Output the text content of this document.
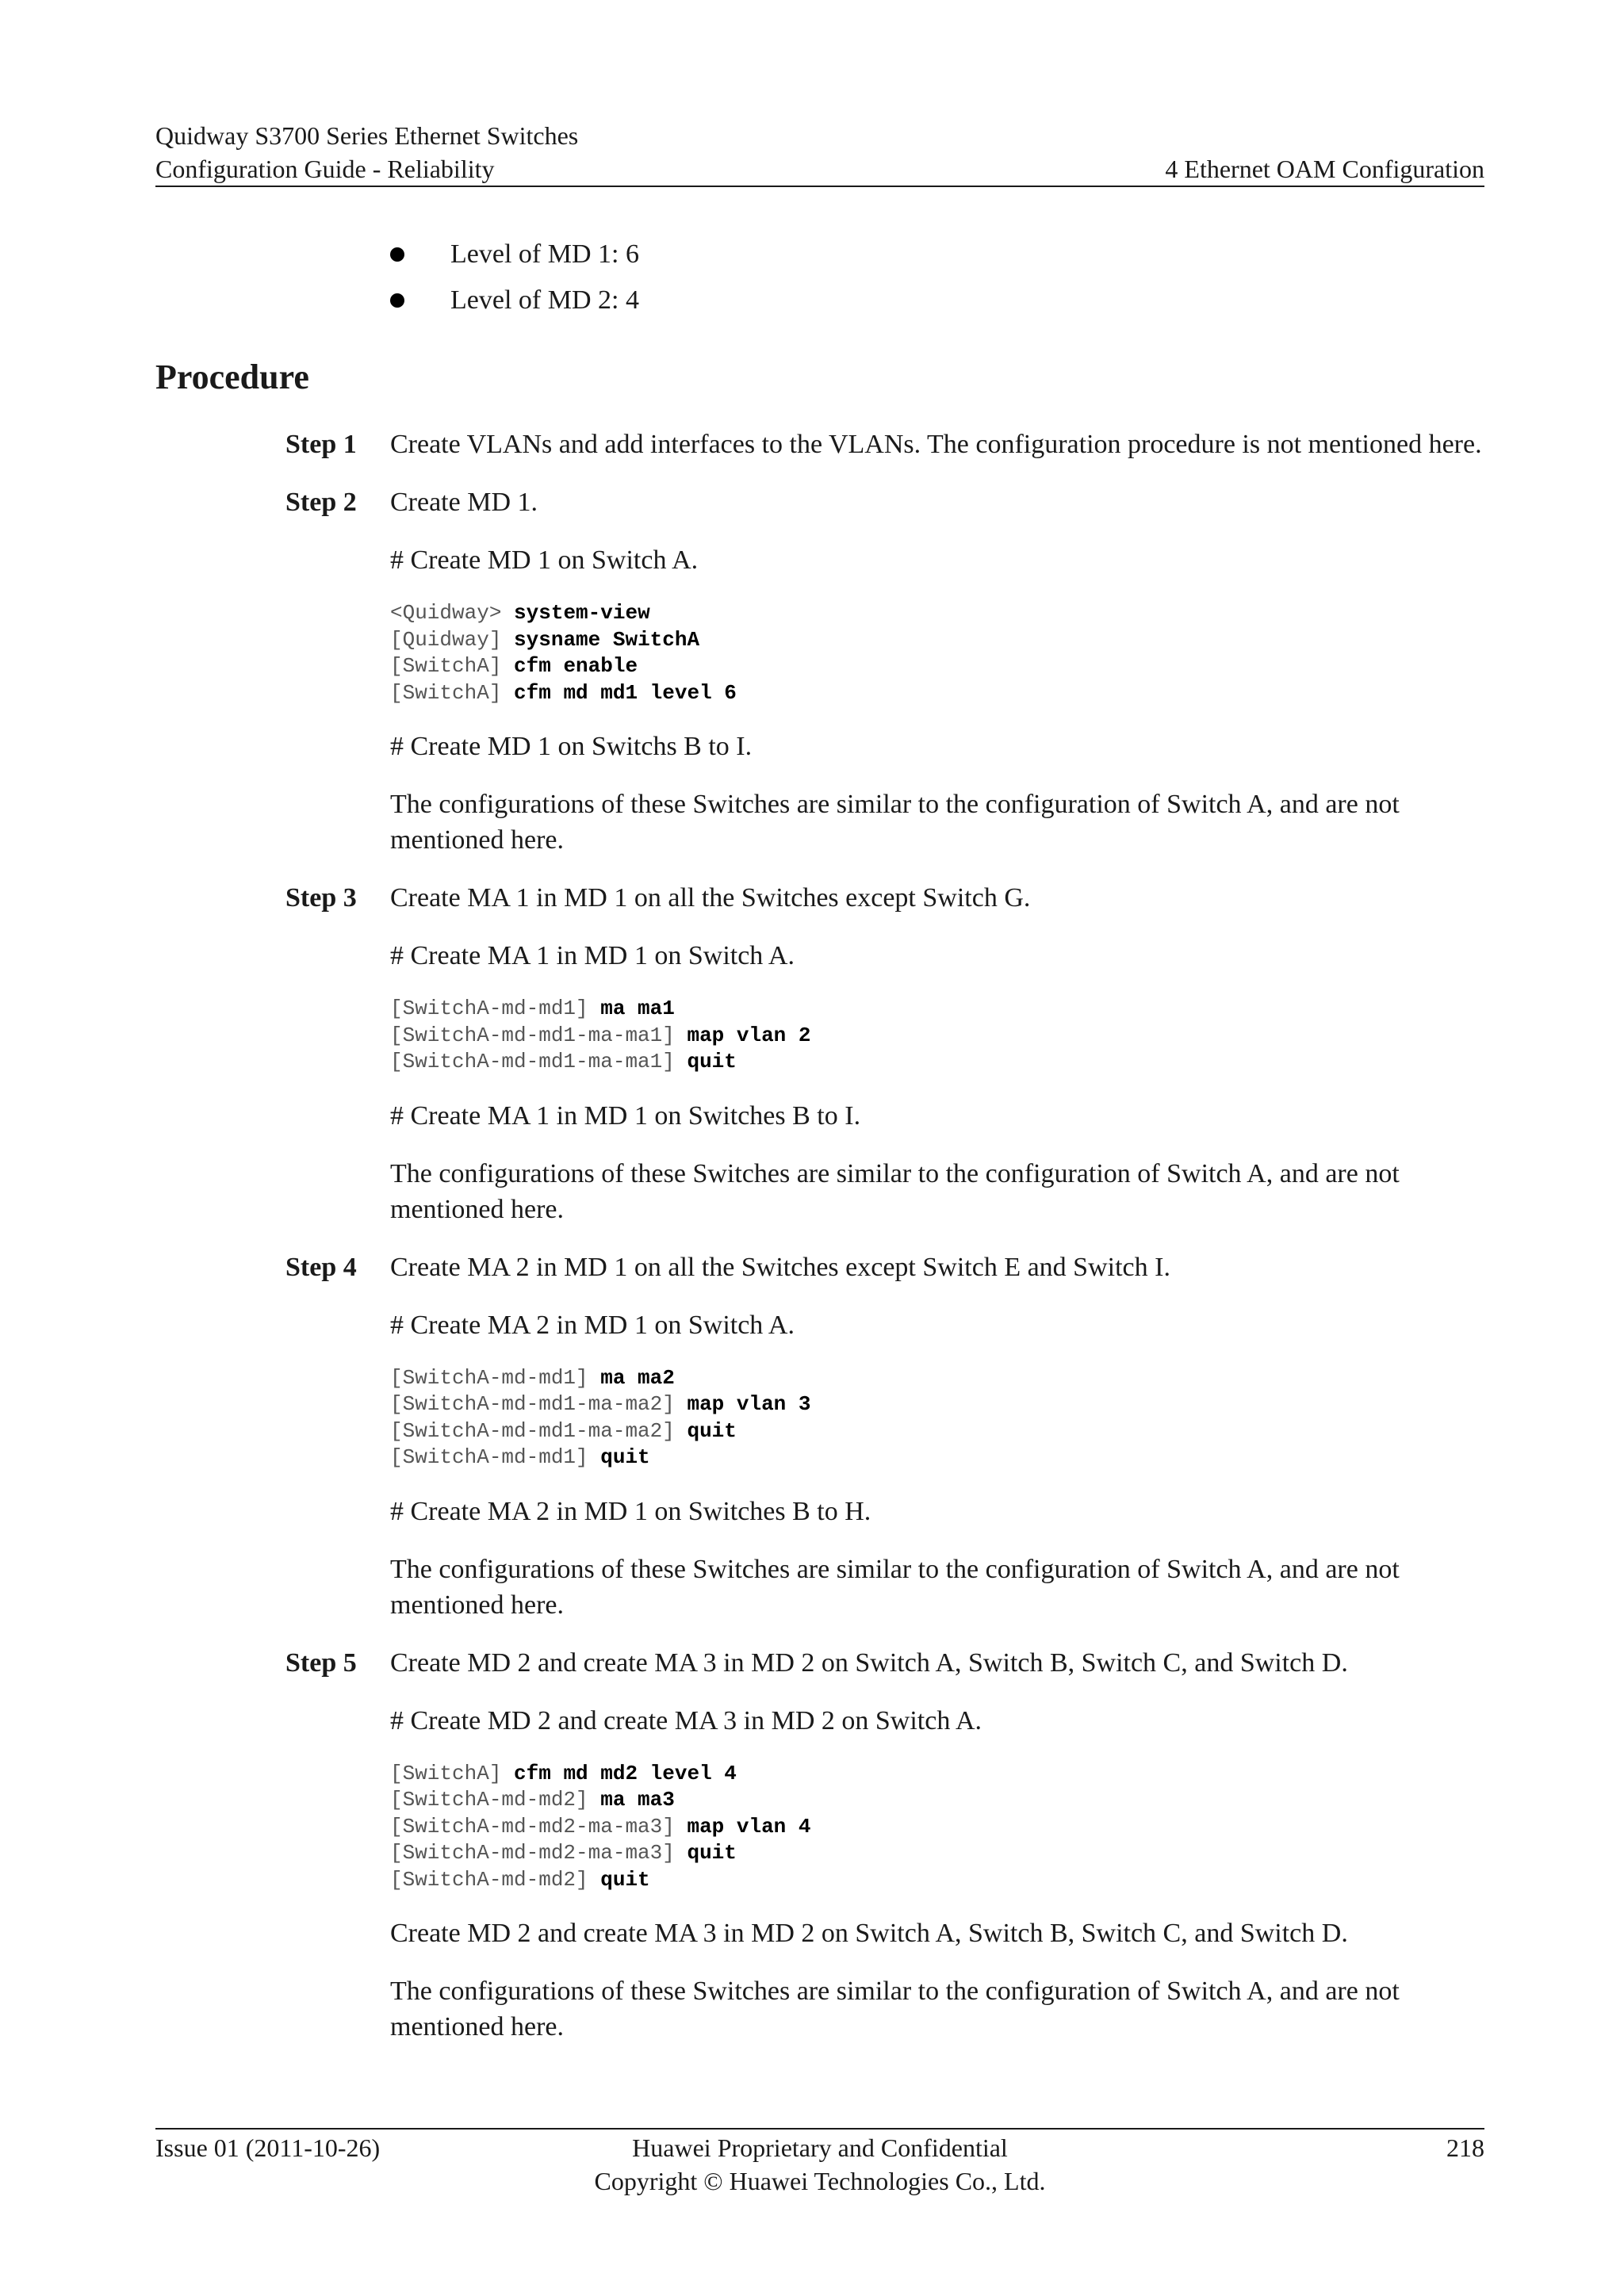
Quidway S3700 Series Ethernet Switches
Configuration Guide - Reliability	4 Ethernet OAM Configuration
Level of MD 1: 6
Level of MD 2: 4
Procedure
Step 1	Create VLANs and add interfaces to the VLANs. The configuration procedure is not mentioned here.

Step 2	Create MD 1.

# Create MD 1 on Switch A.

<Quidway> system-view
[Quidway] sysname SwitchA
[SwitchA] cfm enable
[SwitchA] cfm md md1 level 6

# Create MD 1 on Switchs B to I.

The configurations of these Switches are similar to the configuration of Switch A, and are not mentioned here.

Step 3	Create MA 1 in MD 1 on all the Switches except Switch G.

# Create MA 1 in MD 1 on Switch A.

[SwitchA-md-md1] ma ma1
[SwitchA-md-md1-ma-ma1] map vlan 2
[SwitchA-md-md1-ma-ma1] quit

# Create MA 1 in MD 1 on Switches B to I.

The configurations of these Switches are similar to the configuration of Switch A, and are not mentioned here.

Step 4	Create MA 2 in MD 1 on all the Switches except Switch E and Switch I.

# Create MA 2 in MD 1 on Switch A.

[SwitchA-md-md1] ma ma2
[SwitchA-md-md1-ma-ma2] map vlan 3
[SwitchA-md-md1-ma-ma2] quit
[SwitchA-md-md1] quit

# Create MA 2 in MD 1 on Switches B to H.

The configurations of these Switches are similar to the configuration of Switch A, and are not mentioned here.

Step 5	Create MD 2 and create MA 3 in MD 2 on Switch A, Switch B, Switch C, and Switch D.

# Create MD 2 and create MA 3 in MD 2 on Switch A.

[SwitchA] cfm md md2 level 4
[SwitchA-md-md2] ma ma3
[SwitchA-md-md2-ma-ma3] map vlan 4
[SwitchA-md-md2-ma-ma3] quit
[SwitchA-md-md2] quit

Create MD 2 and create MA 3 in MD 2 on Switch A, Switch B, Switch C, and Switch D.

The configurations of these Switches are similar to the configuration of Switch A, and are not mentioned here.

Issue 01 (2011-10-26)	218
Huawei Proprietary and Confidential
Copyright © Huawei Technologies Co., Ltd.
